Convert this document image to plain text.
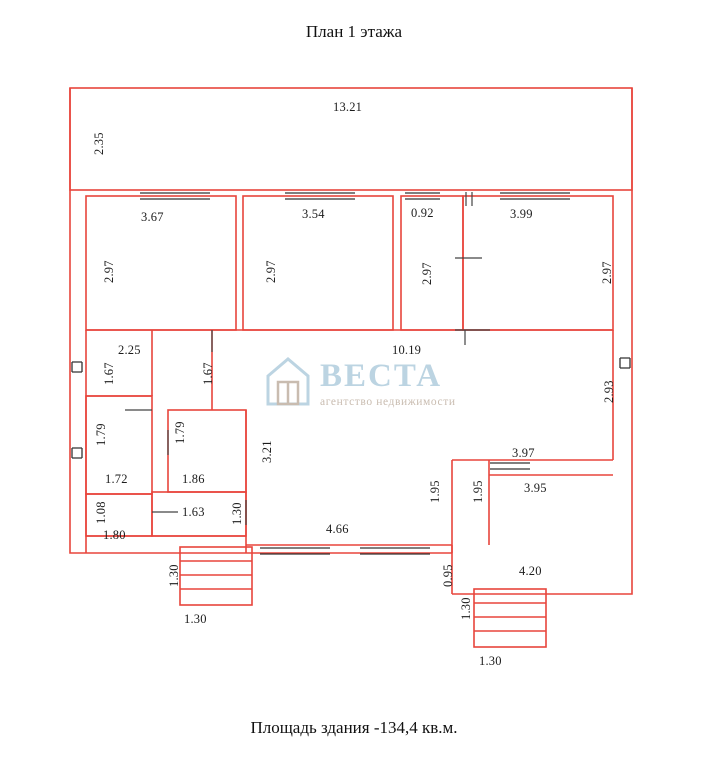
План 1 этажа
13.21
3.67	3.54	0.92	3.99
10.19
2.25
1.72	1.86
1.80
1.63
4.66
3.97
3.95
4.20
1.30
1.30
2.35
2.97	2.97	2.97	2.97
1.67	1.67
2.93
1.79	1.79
3.21
1.08	1.30
1.95 1.95
0.95
1.30
1.30
ВЕСТА
агентство недвижимости
Площадь здания -134,4 кв.м.
